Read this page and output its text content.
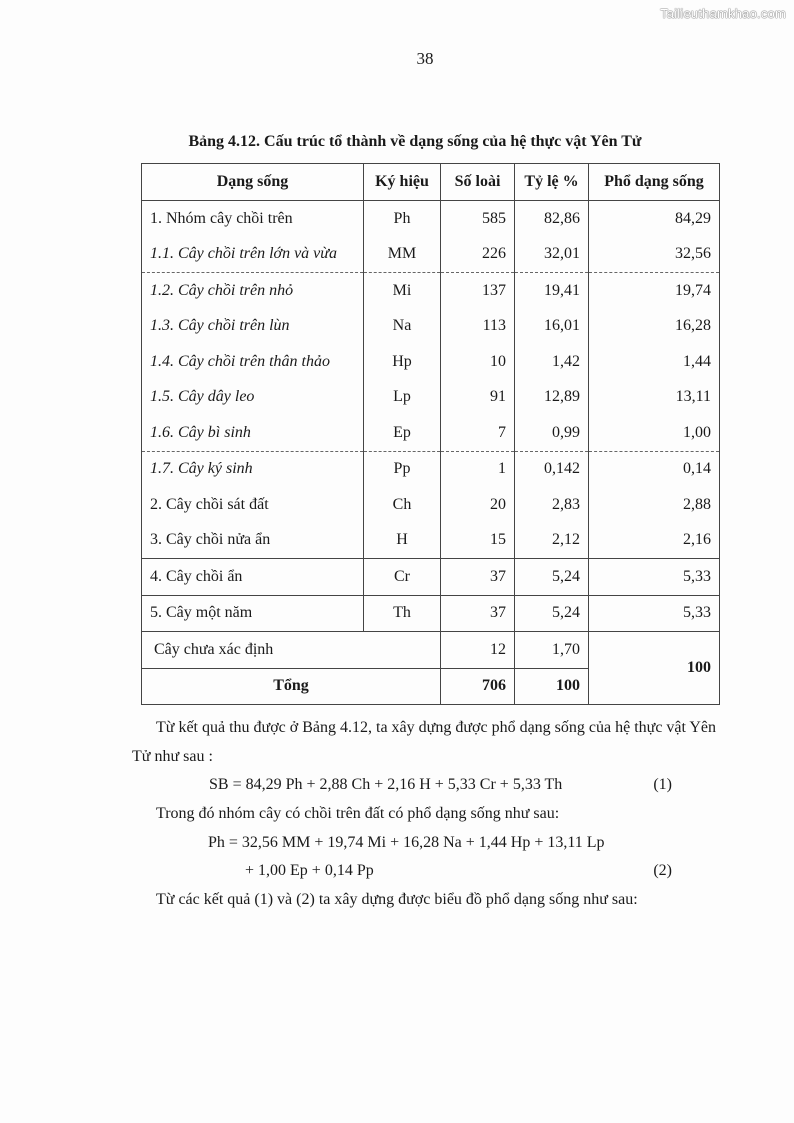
Tailieuthamkhao.com
38
Bảng 4.12. Cấu trúc tổ thành về dạng sống của hệ thực vật Yên Tử
Dạng sống	Ký hiệu	Số loài	Tỷ lệ %	Phổ dạng sống
1. Nhóm cây chồi trên	Ph	585	82,86	84,29
1.1. Cây chồi trên lớn và vừa	MM	226	32,01	32,56
1.2. Cây chồi trên nhỏ	Mi	137	19,41	19,74
1.3. Cây chồi trên lùn	Na	113	16,01	16,28
1.4. Cây chồi trên thân thảo	Hp	10	1,42	1,44
1.5. Cây dây leo	Lp	91	12,89	13,11
1.6. Cây bì sinh	Ep	7	0,99	1,00
1.7. Cây ký sinh	Pp	1	0,142	0,14
2. Cây chồi sát đất	Ch	20	2,83	2,88
3. Cây chồi nửa ẩn	H	15	2,12	2,16
4. Cây chồi ẩn	Cr	37	5,24	5,33
5. Cây một năm	Th	37	5,24	5,33
Cây chưa xác định		12	1,70	100
Tổng		706	100	
Từ kết quả thu được ở Bảng 4.12, ta xây dựng được phổ dạng sống của hệ thực vật Yên Tử như sau :
SB = 84,29 Ph + 2,88 Ch + 2,16 H + 5,33 Cr + 5,33 Th	(1)
Trong đó nhóm cây có chồi trên đất có phổ dạng sống như sau:
Ph = 32,56 MM + 19,74 Mi + 16,28 Na + 1,44 Hp + 13,11 Lp
+ 1,00 Ep + 0,14 Pp	(2)
Từ các kết quả (1) và (2) ta xây dựng được biểu đồ phổ dạng sống như sau:
